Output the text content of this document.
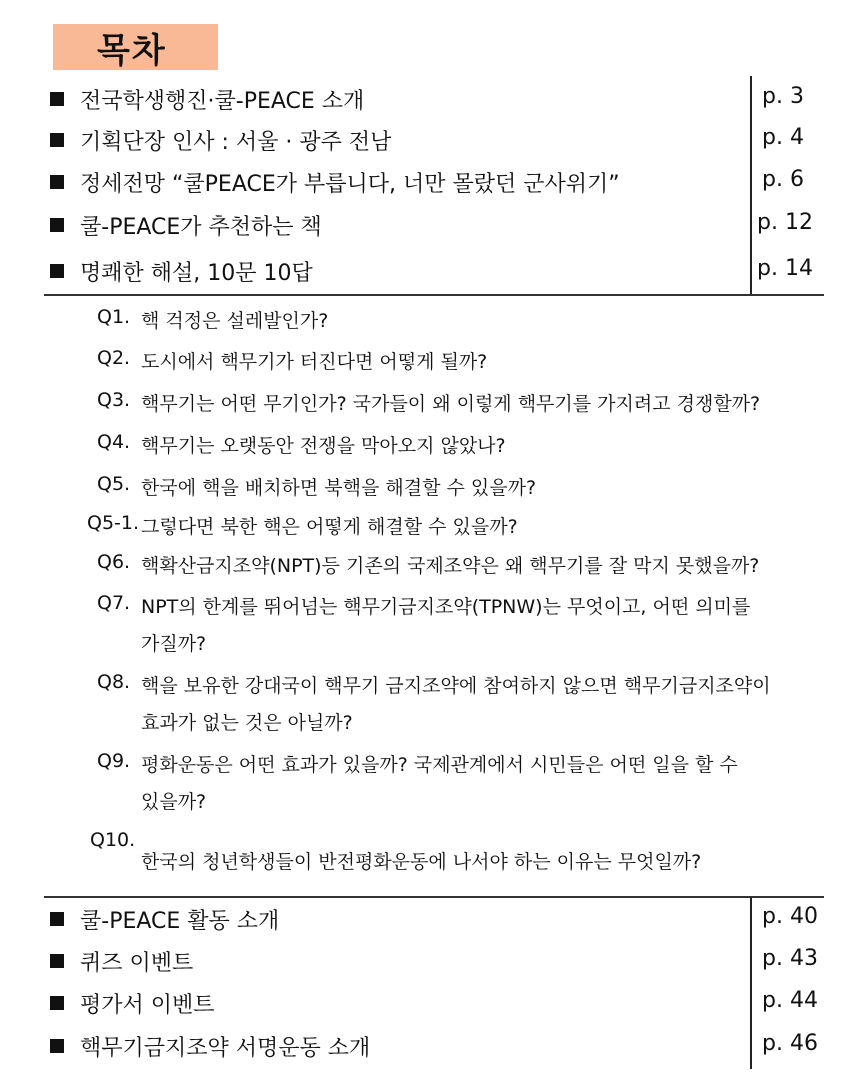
목차
전국학생행진·쿨-PEACE 소개	p. 3
기획단장 인사 : 서울 · 광주 전남	p. 4
정세전망 “쿨PEACE가 부릅니다, 너만 몰랐던 군사위기”	p. 6
쿨-PEACE가 추천하는 책	p. 12
명쾌한 해설, 10문 10답	p. 14
Q1. 핵 걱정은 설레발인가?
Q2. 도시에서 핵무기가 터진다면 어떻게 될까?
Q3. 핵무기는 어떤 무기인가? 국가들이 왜 이렇게 핵무기를 가지려고 경쟁할까?
Q4. 핵무기는 오랫동안 전쟁을 막아오지 않았나?
Q5. 한국에 핵을 배치하면 북핵을 해결할 수 있을까?
Q5-1. 그렇다면 북한 핵은 어떻게 해결할 수 있을까?
Q6. 핵확산금지조약(NPT)등 기존의 국제조약은 왜 핵무기를 잘 막지 못했을까?
Q7. NPT의 한계를 뛰어넘는 핵무기금지조약(TPNW)는 무엇이고, 어떤 의미를
가질까?
Q8. 핵을 보유한 강대국이 핵무기 금지조약에 참여하지 않으면 핵무기금지조약이
효과가 없는 것은 아닐까?
Q9. 평화운동은 어떤 효과가 있을까? 국제관계에서 시민들은 어떤 일을 할 수
있을까?
Q10.
한국의 청년학생들이 반전평화운동에 나서야 하는 이유는 무엇일까?
쿨-PEACE 활동 소개	p. 40
퀴즈 이벤트	p. 43
평가서 이벤트	p. 44
핵무기금지조약 서명운동 소개	p. 46
